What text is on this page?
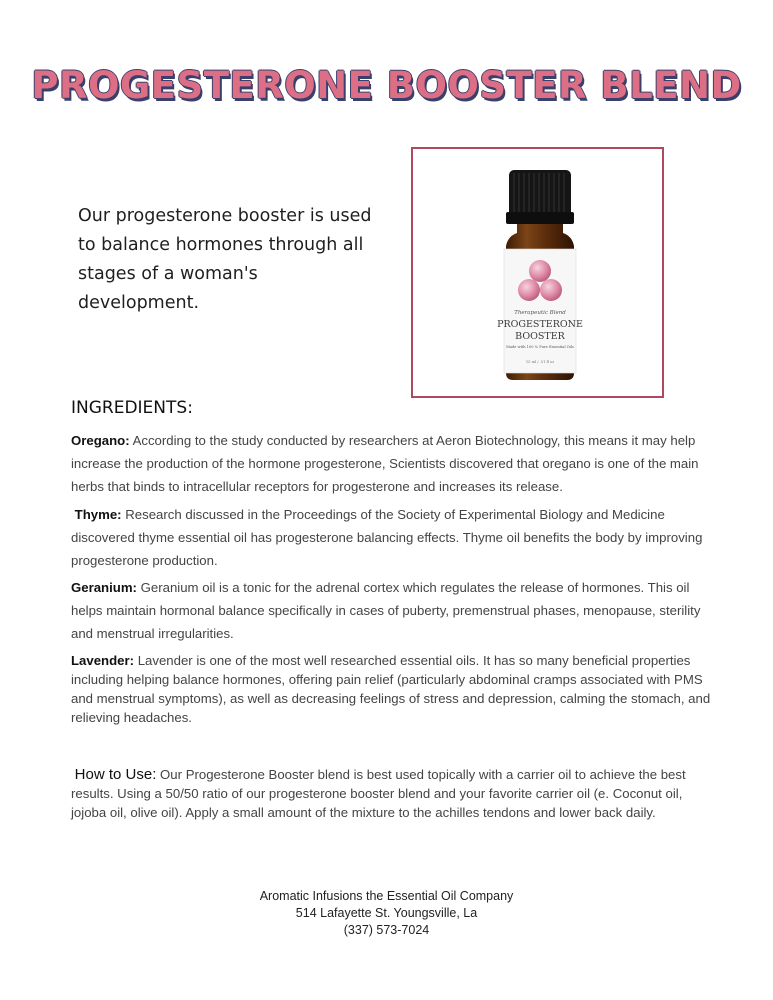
PROGESTERONE BOOSTER BLEND
Our progesterone booster is used to balance hormones through all stages of a woman's development.	Therapeutic Blend
PROGESTERONE
BOOSTER
Made with 100 % Pure Essential Oils
15 ml / .51 fl oz
INGREDIENTS:
Oregano: According to the study conducted by researchers at Aeron Biotechnology, this means it may help increase the production of the hormone progesterone, Scientists discovered that oregano is one of the main herbs that binds to intracellular receptors for progesterone and increases its release.
Thyme: Research discussed in the Proceedings of the Society of Experimental Biology and Medicine discovered thyme essential oil has progesterone balancing effects. Thyme oil benefits the body by improving progesterone production.
Geranium: Geranium oil is a tonic for the adrenal cortex which regulates the release of hormones. This oil helps maintain hormonal balance specifically in cases of puberty, premenstrual phases, menopause, sterility and menstrual irregularities.
Lavender: Lavender is one of the most well researched essential oils. It has so many beneficial properties including helping balance hormones, offering pain relief (particularly abdominal cramps associated with PMS and menstrual symptoms), as well as decreasing feelings of stress and depression, calming the stomach, and relieving headaches.
How to Use: Our Progesterone Booster blend is best used topically with a carrier oil to achieve the best results. Using a 50/50 ratio of our progesterone booster blend and your favorite carrier oil (e. Coconut oil, jojoba oil, olive oil). Apply a small amount of the mixture to the achilles tendons and lower back daily.
Aromatic Infusions the Essential Oil Company
514 Lafayette St. Youngsville, La
(337) 573-7024
